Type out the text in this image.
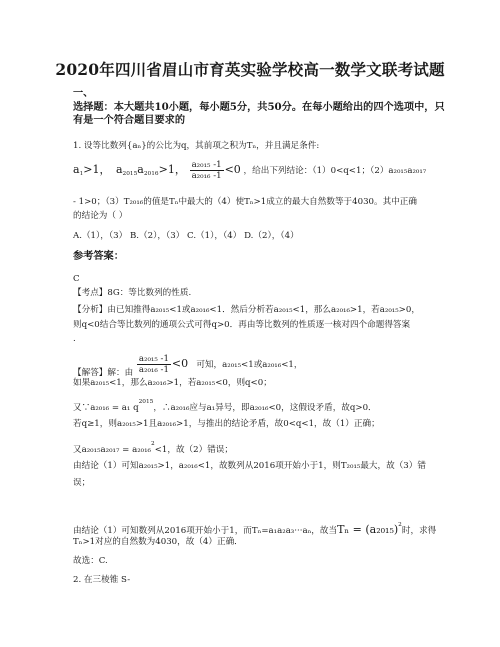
2020年四川省眉山市育英实验学校高一数学文联考试题
一、
选择题：本大题共10小题，每小题5分，共50分。在每小题给出的四个选项中，只
有是一个符合题目要求的
1. 设等比数列{aₙ}的公比为q，其前项之积为Tₙ，并且满足条件:
$a_1>1$， $a_{2015}a_{2016}>1$， $\frac{\text{a₂₀₁₅ -1}}{\text{a₂₀₁₆ -1}} <0$ ，给出下列结论：（1）0<q<1；（2）a₂₀₁₅a₂₀₁₇
- 1>0；（3）T₂₀₁₆的值是Tₙ中最大的（4）使Tₙ>1成立的最大自然数等于4030。其中正确
的结论为（ ）
A.（1），（3） B.（2），（3） C.（1），（4） D.（2），（4）
参考答案：
C
【考点】8G：等比数列的性质.
【分析】由已知推得a₂₀₁₅<1或a₂₀₁₆<1．然后分析若a₂₀₁₅<1，那么a₂₀₁₆>1，若a₂₀₁₅>0，
则q<0结合等比数列的通项公式可得q>0．再由等比数列的性质逐一核对四个命题得答案
.
【解答】解：由 $\frac{\text{a₂₀₁₅ -1}}{\text{a₂₀₁₆ -1}} <0$ 可知，a₂₀₁₅<1或a₂₀₁₆<1，
如果a₂₀₁₅<1，那么a₂₀₁₆>1，若a₂₀₁₅<0，则q<0；
又∵a₂₀₁₆ = a₁ $q^{2015}$，∴a₂₀₁₆应与a₁异号，即a₂₀₁₆<0，这假设矛盾，故q>0．
若q≥1，则a₂₀₁₅>1且a₂₀₁₆>1，与推出的结论矛盾，故0<q<1，故（1）正确；
又a₂₀₁₅a₂₀₁₇ = a₂₀₁₆$^2$<1，故（2）错误；
由结论（1）可知a₂₀₁₅>1，a₂₀₁₆<1，故数列从2016项开始小于1，则T₂₀₁₅最大，故（3）错
误；
由结论（1）可知数列从2016项开始小于1，而Tₙ=a₁a₂a₃···aₙ，故当$T_n = (a_{2015})^2$时，求得
Tₙ>1对应的自然数为4030，故（4）正确．
故选：C.
2. 在三棱锥 S-
